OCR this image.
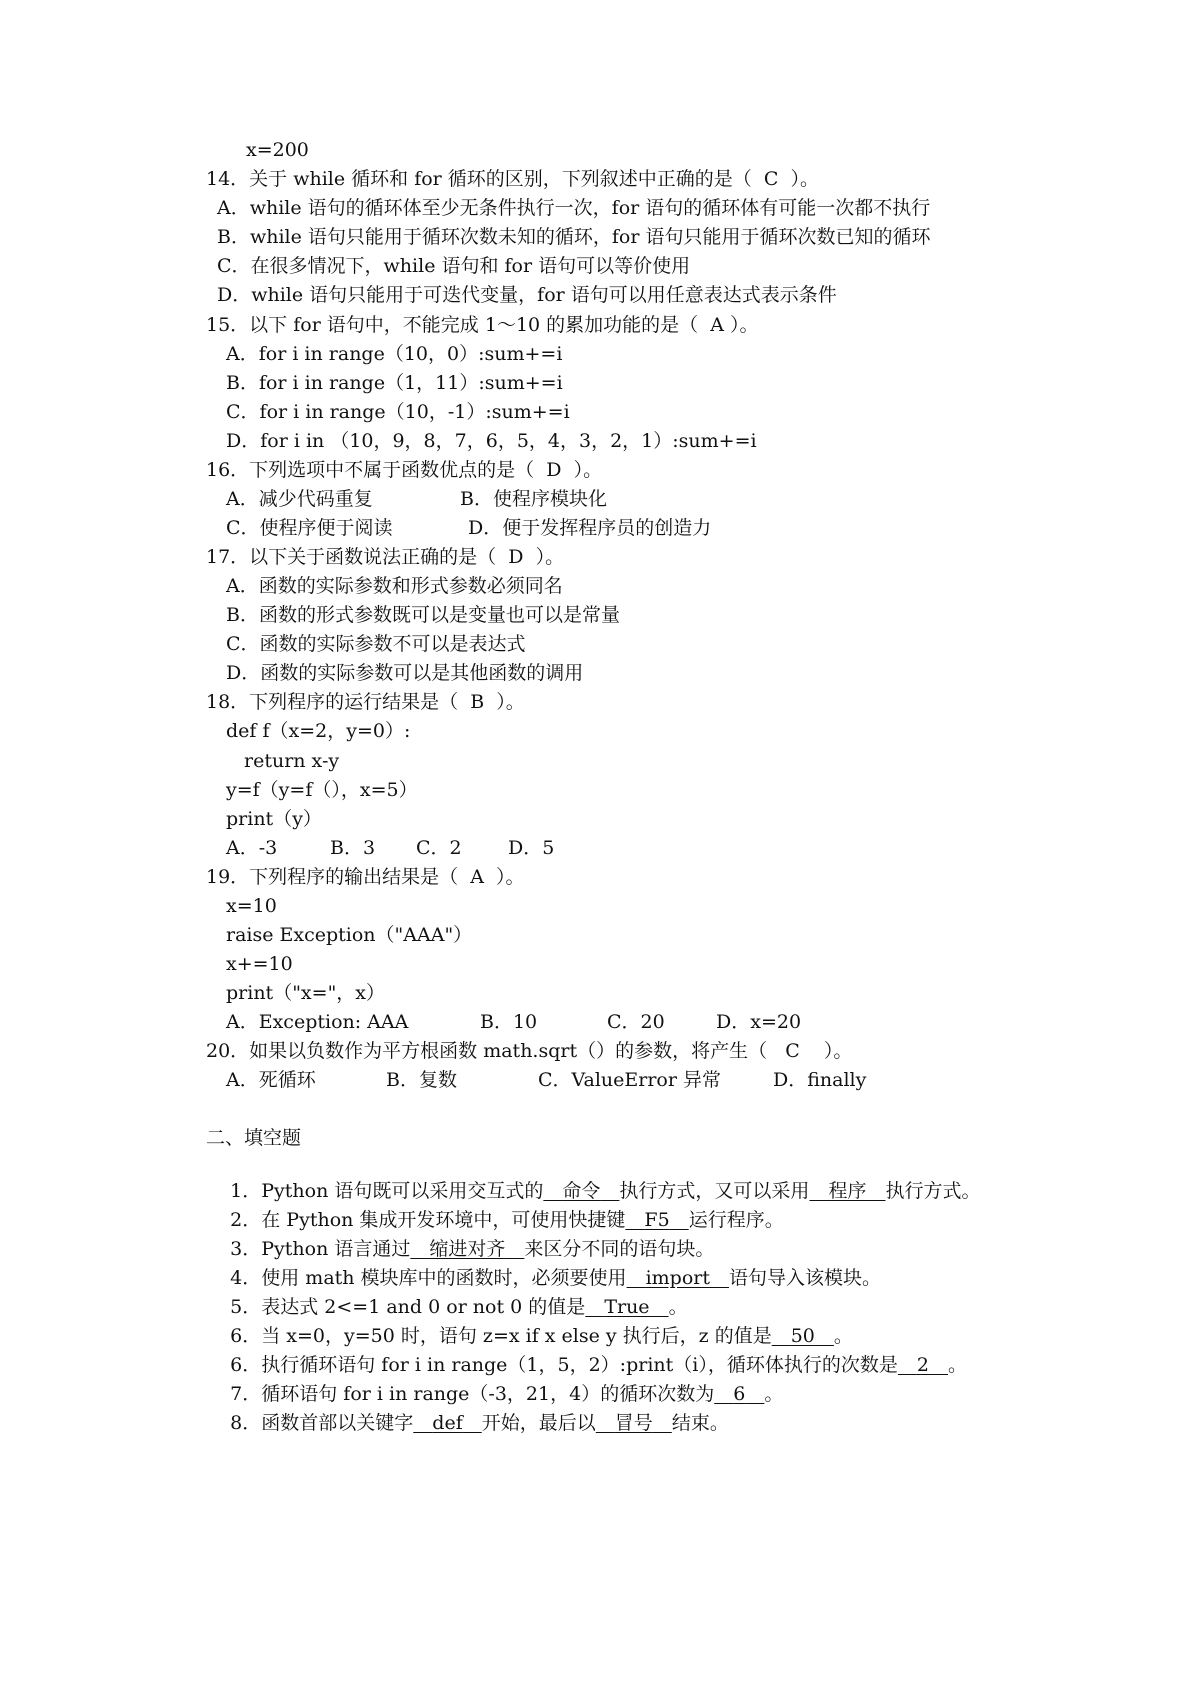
x=200
14．关于 while 循环和 for 循环的区别，下列叙述中正确的是（  C  ）。
A．while 语句的循环体至少无条件执行一次，for 语句的循环体有可能一次都不执行
B．while 语句只能用于循环次数未知的循环，for 语句只能用于循环次数已知的循环
C．在很多情况下，while 语句和 for 语句可以等价使用
D．while 语句只能用于可迭代变量，for 语句可以用任意表达式表示条件
15．以下 for 语句中，不能完成 1～10 的累加功能的是（  A ）。
A．for i in range（10，0）:sum+=i
B．for i in range（1，11）:sum+=i
C．for i in range（10，-1）:sum+=i
D．for i in （10，9，8，7，6，5，4，3，2，1）:sum+=i
16．下列选项中不属于函数优点的是（  D  ）。
A．减少代码重复	B．使程序模块化
C．使程序便于阅读	D．便于发挥程序员的创造力
17．以下关于函数说法正确的是（  D  ）。
A．函数的实际参数和形式参数必须同名
B．函数的形式参数既可以是变量也可以是常量
C．函数的实际参数不可以是表达式
D．函数的实际参数可以是其他函数的调用
18．下列程序的运行结果是（  B  ）。
def f（x=2，y=0）:
return x-y
y=f（y=f（），x=5）
print（y）
A．-3	B．3 C．2 D．5
19．下列程序的输出结果是（  A  ）。
x=10
raise Exception（"AAA"）
x+=10
print（"x="，x）
A．Exception: AAA	B．10	C．20	D．x=20
20．如果以负数作为平方根函数 math.sqrt（）的参数，将产生（   C    ）。
A．死循环	B．复数	C．ValueError 异常	D．finally
二、填空题

1．Python 语句既可以采用交互式的　 命令　 执行方式，又可以采用　 程序　 执行方式。

2．在 Python 集成开发环境中，可使用快捷键　 F5　 运行程序。

3．Python 语言通过　 缩进对齐　 来区分不同的语句块。

4．使用 math 模块库中的函数时，必须要使用　 import　 语句导入该模块。

5．表达式 2<=1 and 0 or not 0 的值是　 True　 。

6．当 x=0，y=50 时，语句 z=x if x else y 执行后，z 的值是　 50　 。

6．执行循环语句 for i in range（1，5，2）:print（i），循环体执行的次数是　 2　 。

7．循环语句 for i in range（-3，21，4）的循环次数为　 6　 。

8．函数首部以关键字　 def　 开始，最后以　 冒号　 结束。
